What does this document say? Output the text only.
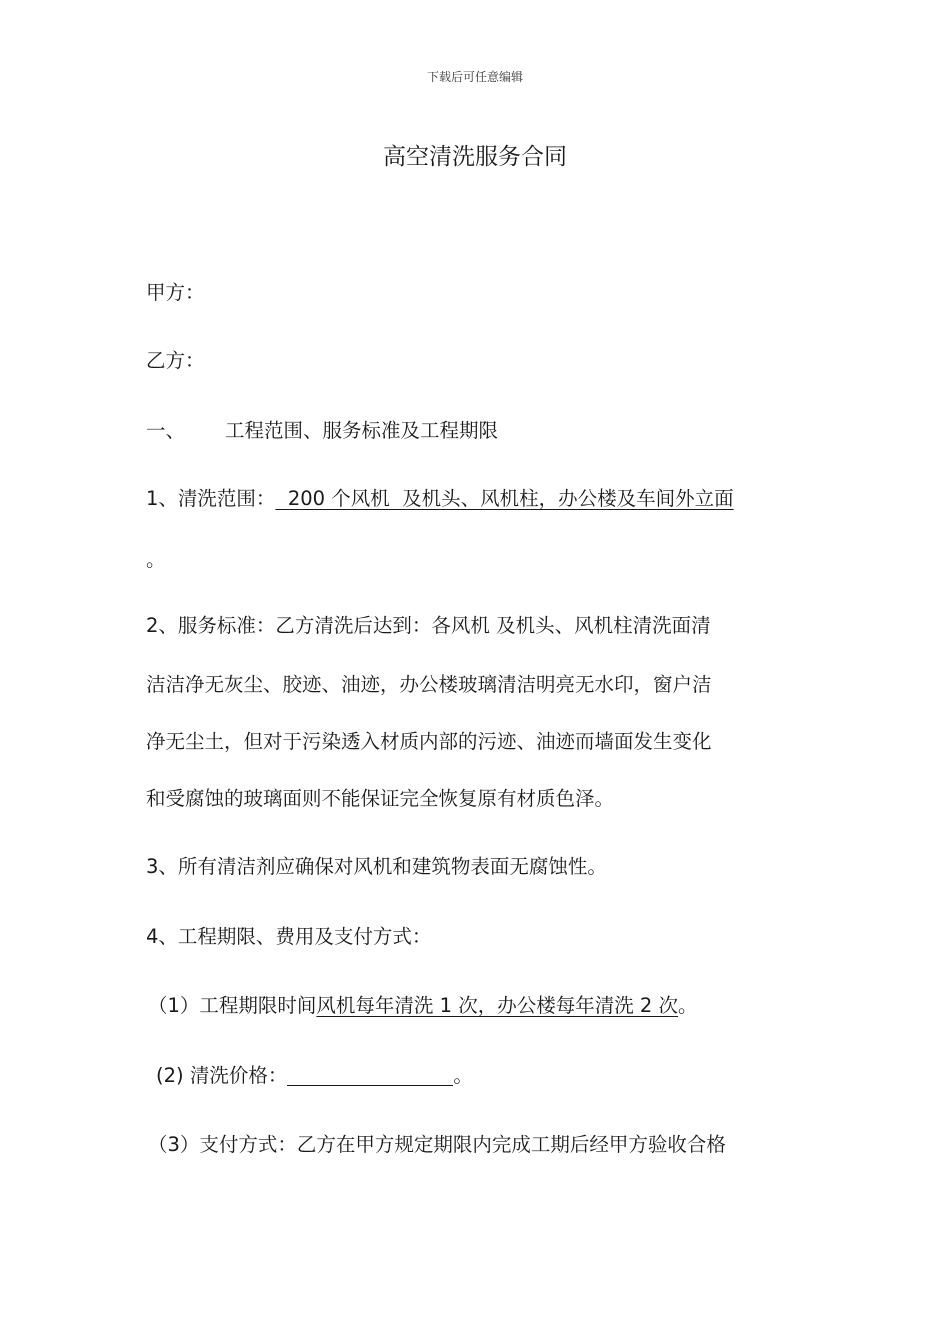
下载后可任意编辑
高空清洗服务合同
甲方：
乙方：
一、 工程范围、服务标准及工程期限
1、清洗范围：  200 个风机  及机头、风机柱，办公楼及车间外立面
。
2、服务标准：乙方清洗后达到：各风机 及机头、风机柱清洗面清
洁洁净无灰尘、胶迹、油迹，办公楼玻璃清洁明亮无水印，窗户洁
净无尘土，但对于污染透入材质内部的污迹、油迹而墙面发生变化
和受腐蚀的玻璃面则不能保证完全恢复原有材质色泽。
3、所有清洁剂应确保对风机和建筑物表面无腐蚀性。
4、工程期限、费用及支付方式：
（1）工程期限时间风机每年清洗 1 次，办公楼每年清洗 2 次。
(2) 清洗价格：	。
（3）支付方式：乙方在甲方规定期限内完成工期后经甲方验收合格
